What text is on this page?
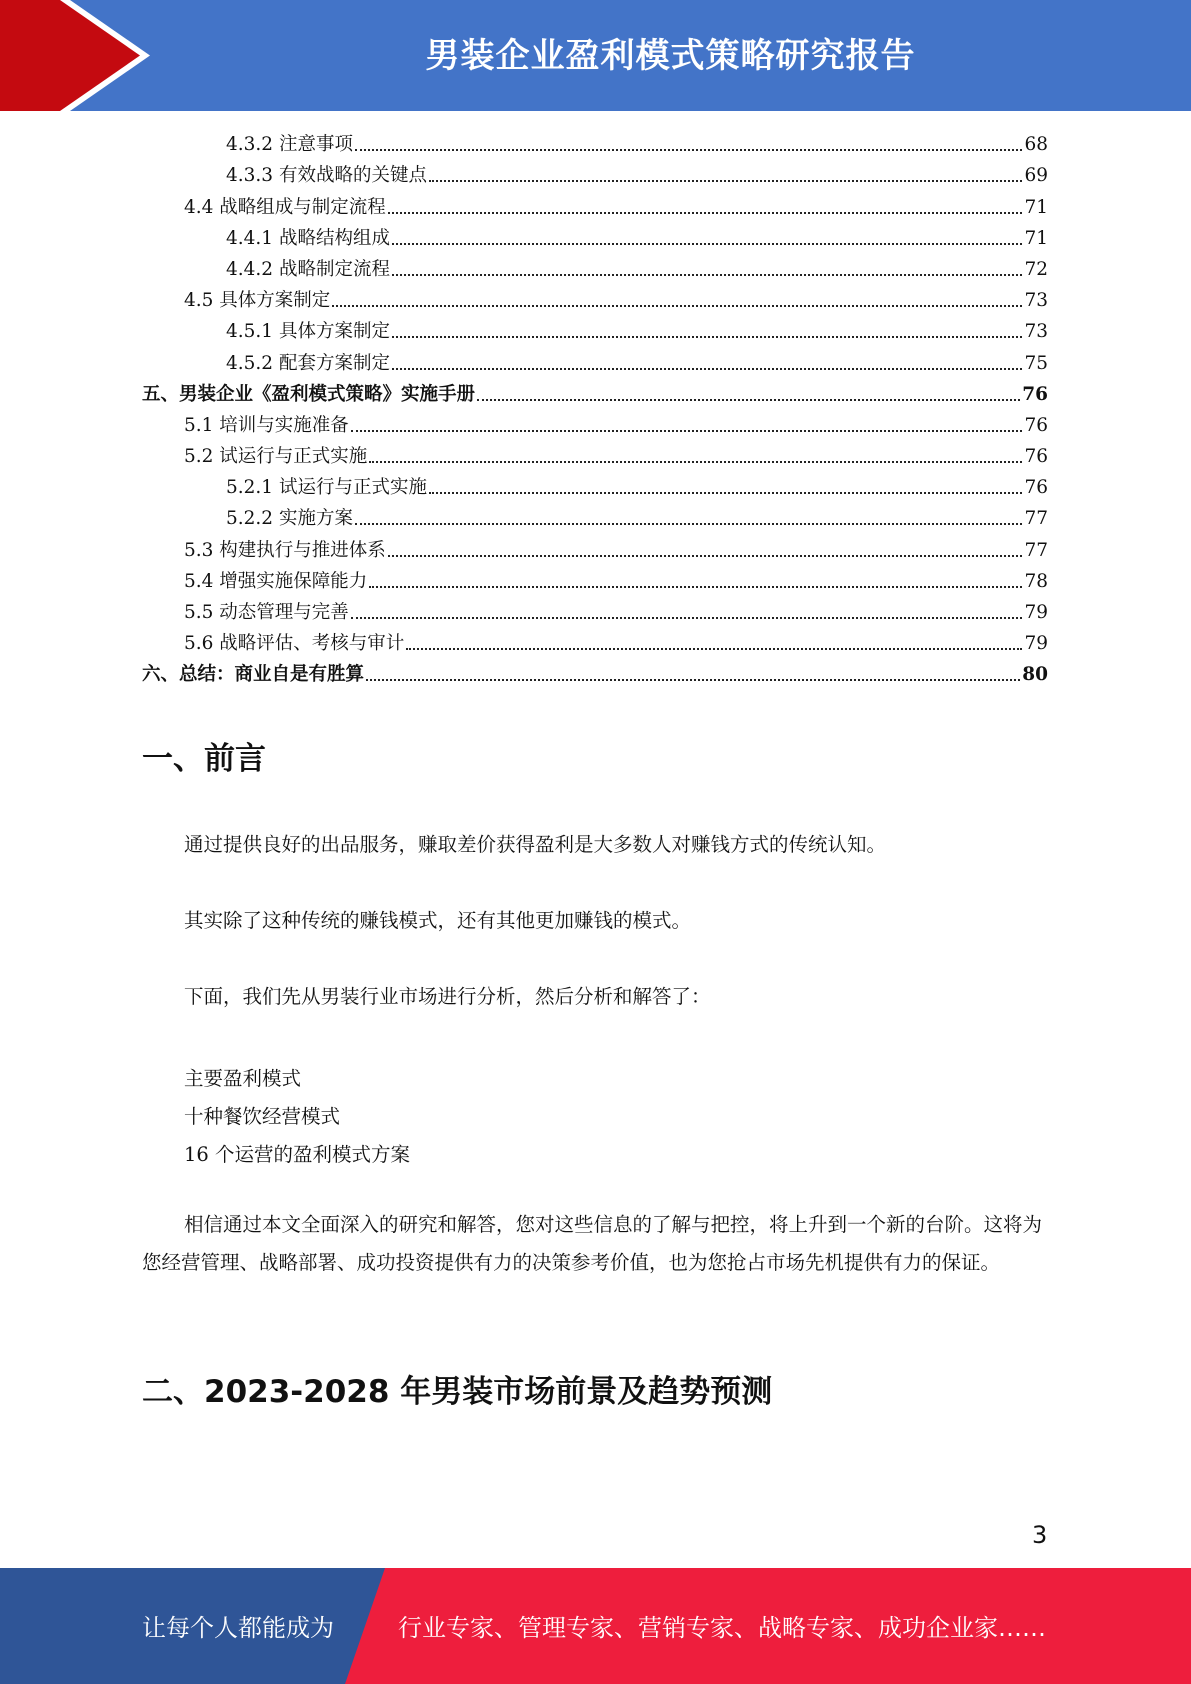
男装企业盈利模式策略研究报告
4.3.2 注意事项	68
4.3.3 有效战略的关键点	69
4.4 战略组成与制定流程	71
4.4.1 战略结构组成	71
4.4.2 战略制定流程	72
4.5 具体方案制定	73
4.5.1 具体方案制定	73
4.5.2 配套方案制定	75
五、男装企业《盈利模式策略》实施手册	76
5.1 培训与实施准备	76
5.2 试运行与正式实施	76
5.2.1 试运行与正式实施	76
5.2.2 实施方案	77
5.3 构建执行与推进体系	77
5.4 增强实施保障能力	78
5.5 动态管理与完善	79
5.6 战略评估、考核与审计	79
六、总结：商业自是有胜算	80
一、前言
通过提供良好的出品服务，赚取差价获得盈利是大多数人对赚钱方式的传统认知。
其实除了这种传统的赚钱模式，还有其他更加赚钱的模式。
下面，我们先从男装行业市场进行分析，然后分析和解答了：
主要盈利模式
十种餐饮经营模式
16 个运营的盈利模式方案
相信通过本文全面深入的研究和解答，您对这些信息的了解与把控，将上升到一个新的台阶。这将为您经营管理、战略部署、成功投资提供有力的决策参考价值，也为您抢占市场先机提供有力的保证。
二、2023-2028 年男装市场前景及趋势预测
3
让每个人都能成为	行业专家、管理专家、营销专家、战略专家、成功企业家……
